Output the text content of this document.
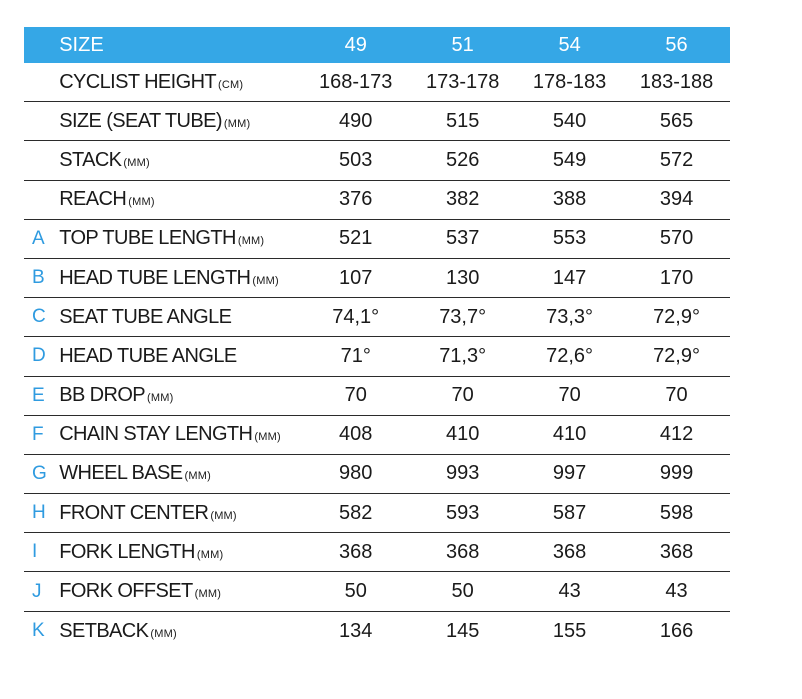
SIZE	49	51	54	56
CYCLIST HEIGHT (CM)	168-173	173-178	178-183	183-188
SIZE (SEAT TUBE) (MM)	490	515	540	565
STACK (MM)	503	526	549	572
REACH (MM)	376	382	388	394
A TOP TUBE LENGTH (MM)	521	537	553	570
B HEAD TUBE LENGTH (MM)	107	130	147	170
C SEAT TUBE ANGLE	74,1°	73,7°	73,3°	72,9°
D HEAD TUBE ANGLE	71°	71,3°	72,6°	72,9°
E BB DROP (MM)	70	70	70	70
F CHAIN STAY LENGTH (MM)	408	410	410	412
G WHEEL BASE (MM)	980	993	997	999
H FRONT CENTER (MM)	582	593	587	598
I	FORK LENGTH (MM)	368	368	368	368
J FORK OFFSET (MM)	50	50	43	43
K SETBACK (MM)	134	145	155	166
